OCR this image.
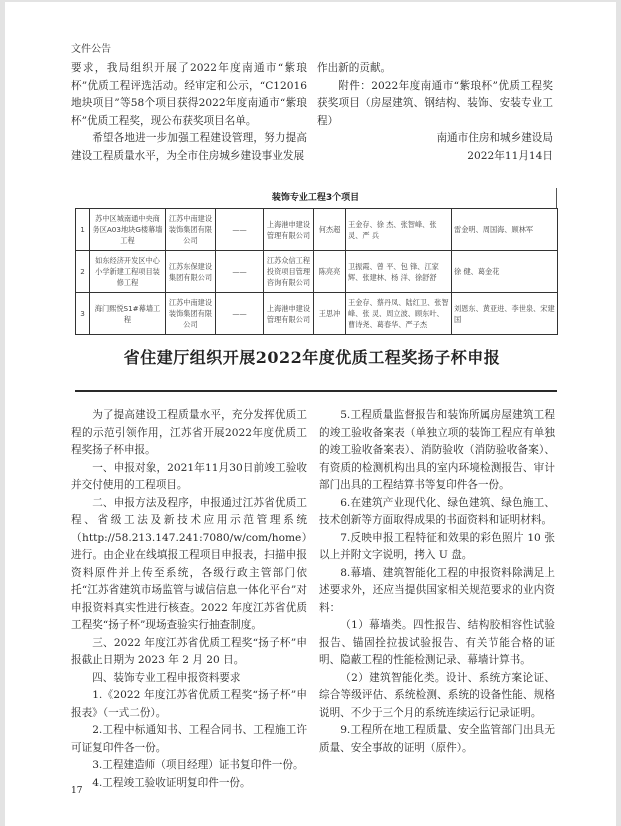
文件公告

要求，我局组织开展了2022年度南通市“紫琅杯”优质工程评选活动。经审定和公示，“C12016地块项目”等58个项目获得2022年度南通市“紫琅杯”优质工程奖，现公布获奖项目名单。

希望各地进一步加强工程建设管理，努力提高建设工程质量水平，为全市住房城乡建设事业发展

作出新的贡献。

附件：2022年度南通市“紫琅杯”优质工程奖获奖项目（房屋建筑、钢结构、装饰、安装专业工程）

南通市住房和城乡建设局

2022年11月14日

装饰专业工程3个项目
1	苏中区城南通中央商务区A03地块G楼幕墙工程	江苏中南建设装饰集团有限公司	——	上海港申建设管理有限公司	何杰超	王金存、徐 杰、张智峰、张 灵、严 兵	雷金明、周国海、顾林军
2	如东经济开发区中心小学新建工程项目装修工程	江苏东保建设集团有限公司	——	江苏众信工程投资项目管理咨询有限公司	陈亮亮	卫振霞、曾 平、包 锋、江家辉、张建林、杨 洋、徐舒舒	徐 健、葛金花
3	海门熙悦S1#幕墙工程	江苏中南建设装饰集团有限公司	——	上海港申建设管理有限公司	王思冲	王金存、蔡丹凤、陆红卫、张智峰、张 灵、周立波、顾东叶、曹诗尧、葛春华、严子杰	刘恩东、黄亚进、李世泉、宋建国
省住建厅组织开展2022年度优质工程奖扬子杯申报

为了提高建设工程质量水平，充分发挥优质工程的示范引领作用，江苏省开展2022年度优质工程奖扬子杯申报。

一、申报对象，2021年11月30日前竣工验收并交付使用的工程项目。

二、申报方法及程序，申报通过江苏省优质工程、省级工法及新技术应用示范管理系统（http://58.213.147.241:7080/w/com/home）进行。由企业在线填报工程项目申报表，扫描申报资料原件并上传至系统，各级行政主管部门依托“江苏省建筑市场监管与诚信信息一体化平台”对申报资料真实性进行核查。2022 年度江苏省优质工程奖“扬子杯”现场查验实行抽查制度。

三、2022 年度江苏省优质工程奖“扬子杯”申报截止日期为 2023 年 2 月 20 日。

四、装饰专业工程申报资料要求

1.《2022 年度江苏省优质工程奖“扬子杯”申报表》（一式二份）。

2.工程中标通知书、工程合同书、工程施工许可证复印件各一份。

3.工程建造师（项目经理）证书复印件一份。

4.工程竣工验收证明复印件一份。

5.工程质量监督报告和装饰所属房屋建筑工程的竣工验收备案表（单独立项的装饰工程应有单独的竣工验收备案表）、消防验收（消防验收备案）、有资质的检测机构出具的室内环境检测报告、审计部门出具的工程结算书等复印件各一份。

6.在建筑产业现代化、绿色建筑、绿色施工、技术创新等方面取得成果的书面资料和证明材料。

7.反映申报工程特征和效果的彩色照片 10 张以上并附文字说明，拷入 U 盘。

8.幕墙、建筑智能化工程的申报资料除满足上述要求外，还应当提供国家相关规范要求的业内资料：

（1）幕墙类。四性报告、结构胶相容性试验报告、锚固拴拉拔试验报告、有关节能合格的证明、隐蔽工程的性能检测记录、幕墙计算书。

（2）建筑智能化类。设计、系统方案论证、综合等级评估、系统检测、系统的设备性能、规格说明、不少于三个月的系统连续运行记录证明。

9.工程所在地工程质量、安全监管部门出具无质量、安全事故的证明（原件）。

17
